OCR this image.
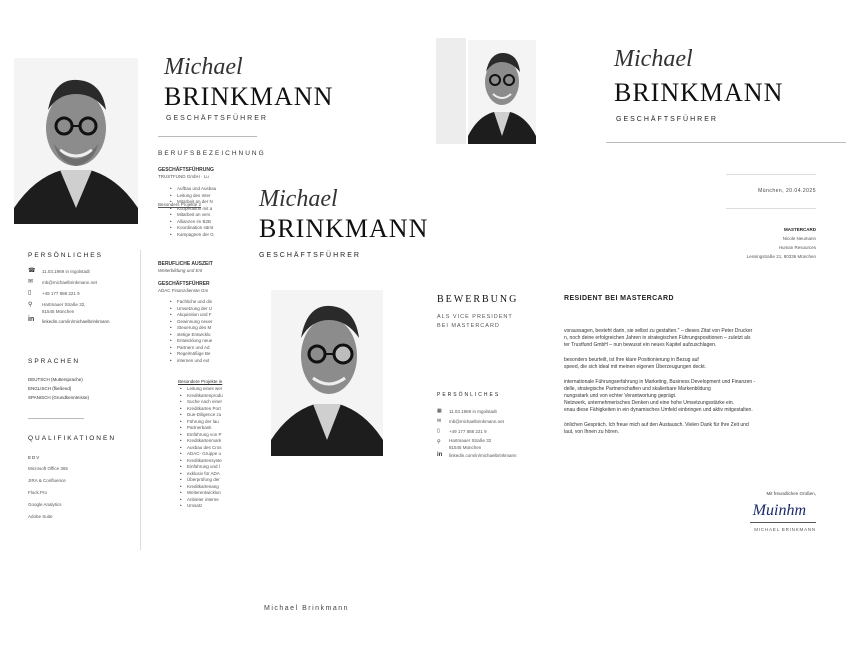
Michael
BRINKMANN
GESCHÄFTSFÜHRER
BERUFSBEZEICHNUNG
GESCHÄFTSFÜHRUNG
TRUSTFUND GmbH · Lu
Besonders Projekte 2
• Aufbau und Ausbau
• Leitung des Inter
• Mitarbeit an der N
• Kooperation mit a
• Mitarbeit an vers
• Allianzen im B2B
• Koordination sämt
• Kampagnen der G
BERUFLICHE AUSZEIT
Weiterbildung und Ent
GESCHÄFTSFÜHRER
ADAC Finanzdienste Gm
• Fachliche und dis
• Umsetzung der U
• Akquisition und F
• Gewinnung neuer
• Steuerung des M
• stetige Entwicklu
• Entwicklung neue
• Partnern und Ad
• Regelmäßige Be
• internen und ext
Besondere Projekte in
• Leitung eines wer
• Kreditkartenprodu
• Suche nach einer
• Kreditkarten Port
• Due-Diligence zu
• Führung der lau
• Partnerbank
• Einführung von P
• Kreditkartenmark
• Ausbau des Cros
• ADAC- Gruppe u
• Kreditkartensyste
• Einführung und l
• exklusiv für ADA
• Überprüfung der
• Kreditkartenang
• Weiterentwicklun
• Anbieter interne
• Umsatz
PERSÖNLICHES
☎ 11.03.1969 in Ingolstadt
✉ mb@michaelbrinkmann.net
▯	+49 177 888 221 9
⚲	Hartmauer Straße 32,
81545 München
in linkedin.com/in/michaelbrinkmann
SPRACHEN
DEUTSCH (Muttersprache)
ENGLISCH (fließend)
SPANISCH (Grundkenntnisse)
QUALIFIKATIONEN
EDV
Microsoft Office 365
JIRA & Confluence
Flock.Pro
Google Analytics
Adobe Suite
Michael
BRINKMANN
GESCHÄFTSFÜHRER
München, 20.04.2025
MASTERCARD
Nicole Neumann
Human Resources
Lessingstraße 21, 80336 München
RESIDENT BEI MASTERCARD
voraussagen, besteht darin, sie selbst zu gestalten." – dieses Zitat von Peter Drucker
n, noch deine erfolgreichen Jahren in strategischen Führungspositionen – zuletzt als
ter Trustfund GmbH – nun bewusst ein neues Kapitel aufzuschlagen.
besonders beurteilt, ist Ihre klare Positionierung in Bezug auf
speed, die sich ideal mit meinen eigenen Überzeugungen deckt.
internationale Führungserfahrung in Marketing, Business Development und Finanzen -
delle, strategische Partnerschaften und skalierbare Markenbildung
nungsstark und von echter Verantwortung geprägt.
Netzwerk, unternehmerisches Denken und eine hohe Umsetzungsstärke ein.
enau diese Fähigkeiten in ein dynamisches Umfeld einbringen und aktiv mitgestalten.
önlichen Gespräch. Ich freue mich auf den Austausch. Vielen Dank für Ihre Zeit und
laut, von Ihnen zu hören.
Mit freundlichen Grüßen,
Muinhm
MICHAEL BRINKMANN
Michael
BRINKMANN
GESCHÄFTSFÜHRER
BEWERBUNG
ALS VICE PRESIDENT
BEI MASTERCARD
PERSÖNLICHES
▦ 11.03.1969 in Ingolstadt
✉	mb@michaelbrinkmann.net
▯	+49 177 888 221 9
⚲	Hartmauer Straße 32
81545 München
in linkedin.com/in/michaelbrinkmann
Michael Brinkmann
